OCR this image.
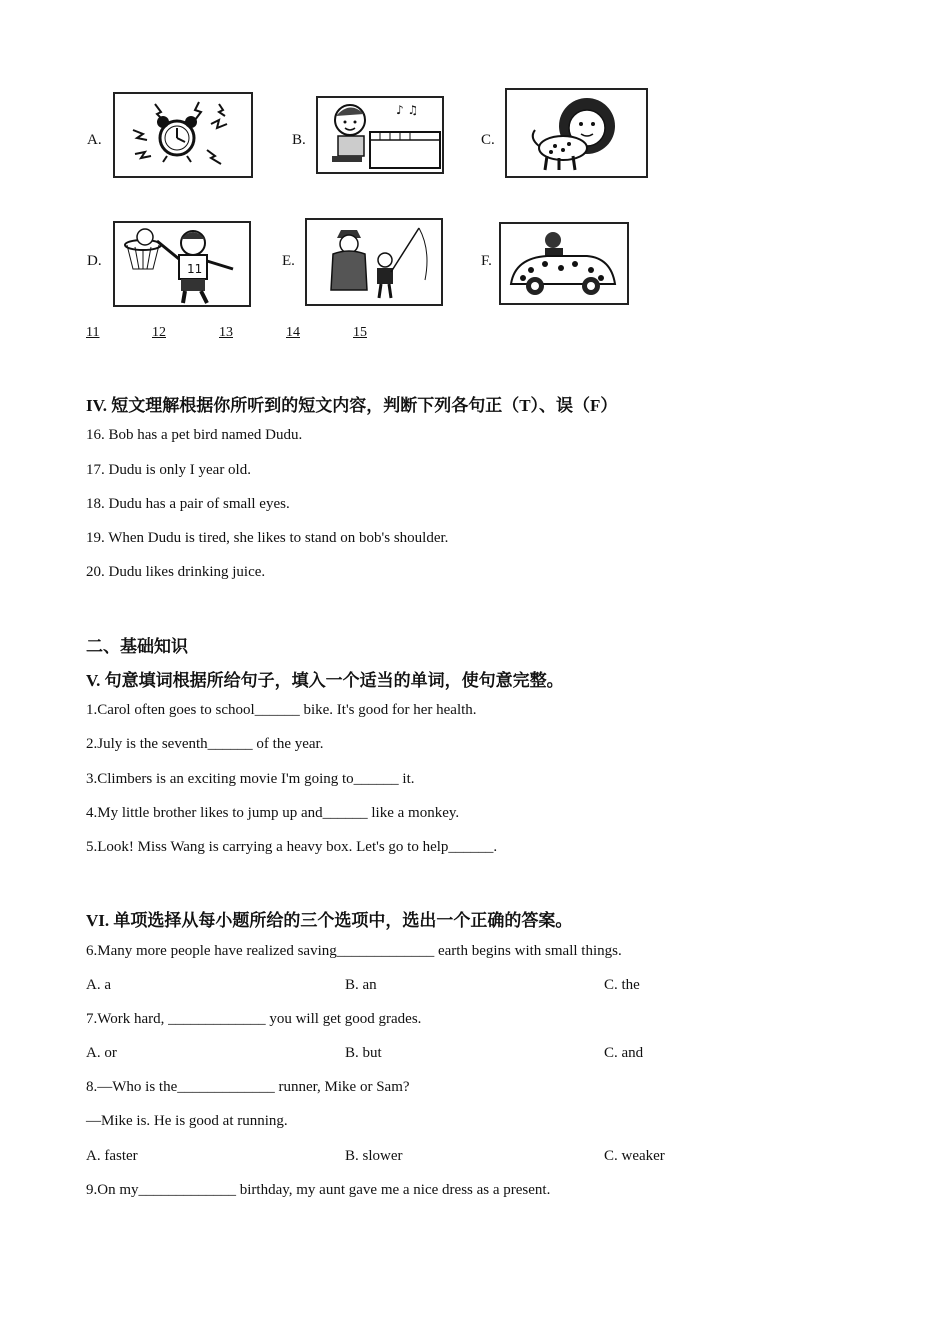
A.	B.
♪ ♫
C.
D.	11	E.	F.
11	12	13	14	15
IV. 短文理解根据你所听到的短文内容，判断下列各句正（T）、误（F）
16. Bob has a pet bird named Dudu.
17. Dudu is only I year old.
18. Dudu has a pair of small eyes.
19. When Dudu is tired, she likes to stand on bob's shoulder.
20. Dudu likes drinking juice.
二、基础知识
V. 句意填词根据所给句子，填入一个适当的单词，使句意完整。
1.Carol often goes to school______ bike. It's good for her health.
2.July is the seventh______ of the year.
3.Climbers is an exciting movie I'm going to______ it.
4.My little brother likes to jump up and______ like a monkey.
5.Look! Miss Wang is carrying a heavy box. Let's go to help______.
VI. 单项选择从每小题所给的三个选项中，选出一个正确的答案。
6.Many more people have realized saving_____________ earth begins with small things.
A. a	B. an	C. the
7.Work hard, _____________ you will get good grades.
A. or	B. but	C. and
8.—Who is the_____________ runner, Mike or Sam?
—Mike is. He is good at running.
A. faster	B. slower	C. weaker
9.On my_____________ birthday, my aunt gave me a nice dress as a present.
